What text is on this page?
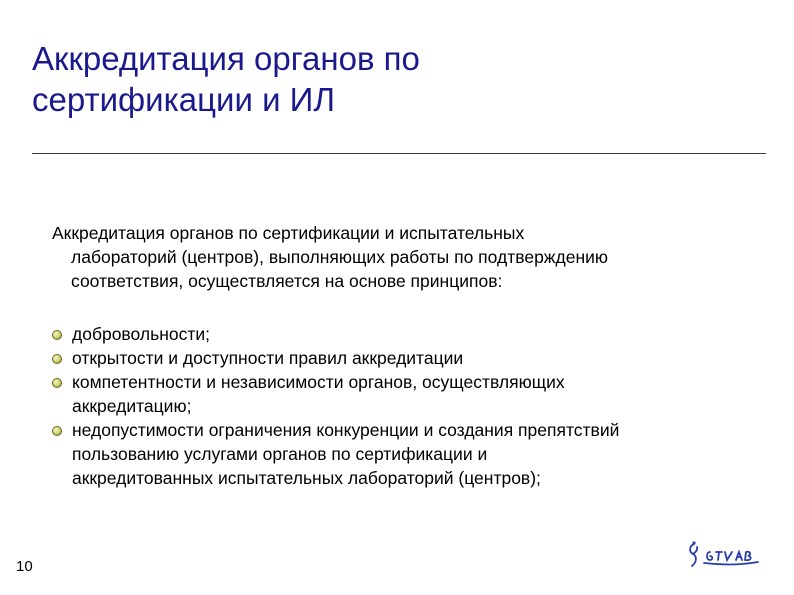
Аккредитация органов по
сертификации и ИЛ
Аккредитация органов по сертификации и испытательных
лабораторий (центров), выполняющих работы по подтверждению
соответствия, осуществляется на основе принципов:
добровольности;
открытости и доступности правил аккредитации
компетентности и независимости органов, осуществляющих
аккредитацию;
недопустимости ограничения конкуренции и создания препятствий
пользованию услугами органов по сертификации и
аккредитованных испытательных лабораторий (центров);
10
